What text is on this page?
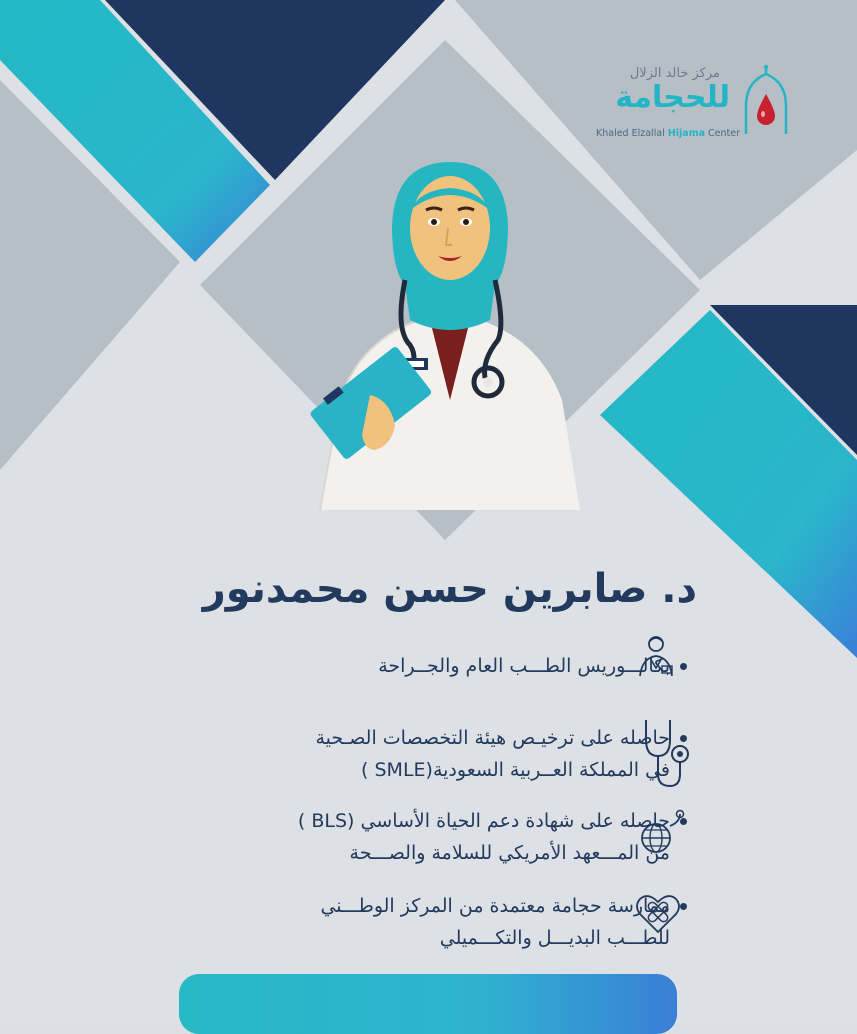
مركز خالد الزلال
للحجامة
Khaled Elzallal Hijama Center
د. صابرين حسن محمدنور
بكالـــوريس الطـــب العام والجــراحة
حاصله على ترخيـص هيئة التخصصات الصـحية
في المملكة العــربية السعودية(SMLE )
حاصله على شهادة دعم الحياة الأساسي (BLS )
من المـــعهد الأمريكي للسلامة والصـــحة
ممارسة حجامة معتمدة من المركز الوطـــني
للطـــب البديـــل والتكـــميلي
